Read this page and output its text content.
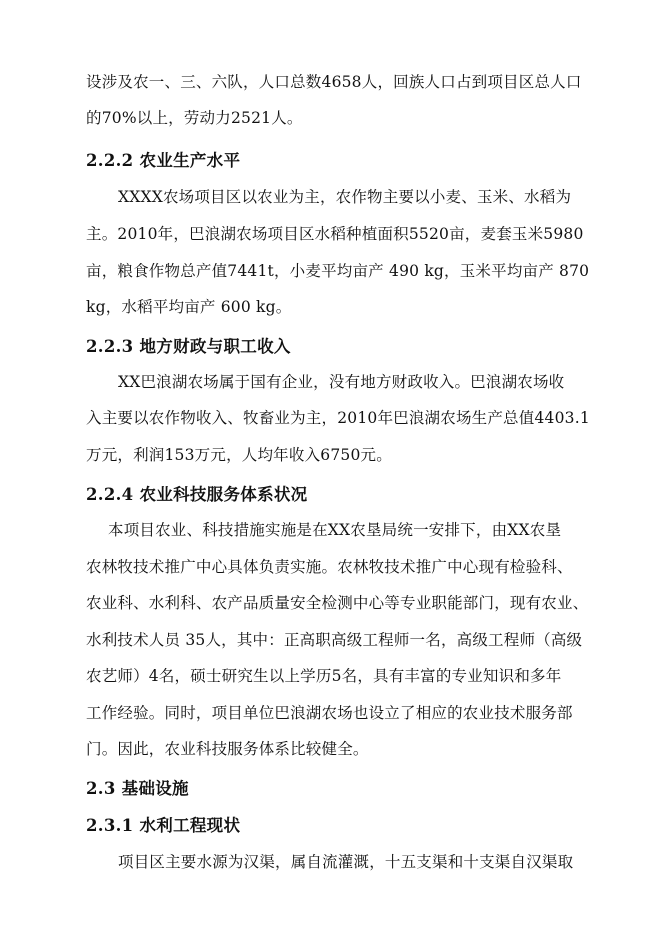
设涉及农一、三、六队，人口总数4658人，回族人口占到项目区总人口
的70%以上，劳动力2521人。
2.2.2 农业生产水平
XXXX农场项目区以农业为主，农作物主要以小麦、玉米、水稻为
主。2010年，巴浪湖农场项目区水稻种植面积5520亩，麦套玉米5980
亩，粮食作物总产值7441t，小麦平均亩产 490 kg，玉米平均亩产 870
kg，水稻平均亩产 600 kg。
2.2.3 地方财政与职工收入
XX巴浪湖农场属于国有企业，没有地方财政收入。巴浪湖农场收
入主要以农作物收入、牧畜业为主，2010年巴浪湖农场生产总值4403.1
万元，利润153万元，人均年收入6750元。
2.2.4 农业科技服务体系状况
本项目农业、科技措施实施是在XX农垦局统一安排下，由XX农垦
农林牧技术推广中心具体负责实施。农林牧技术推广中心现有检验科、
农业科、水利科、农产品质量安全检测中心等专业职能部门，现有农业、
水利技术人员 35人，其中：正高职高级工程师一名，高级工程师（高级
农艺师）4名，硕士研究生以上学历5名，具有丰富的专业知识和多年
工作经验。同时，项目单位巴浪湖农场也设立了相应的农业技术服务部
门。因此，农业科技服务体系比较健全。
2.3 基础设施
2.3.1 水利工程现状
项目区主要水源为汉渠，属自流灌溉，十五支渠和十支渠自汉渠取
